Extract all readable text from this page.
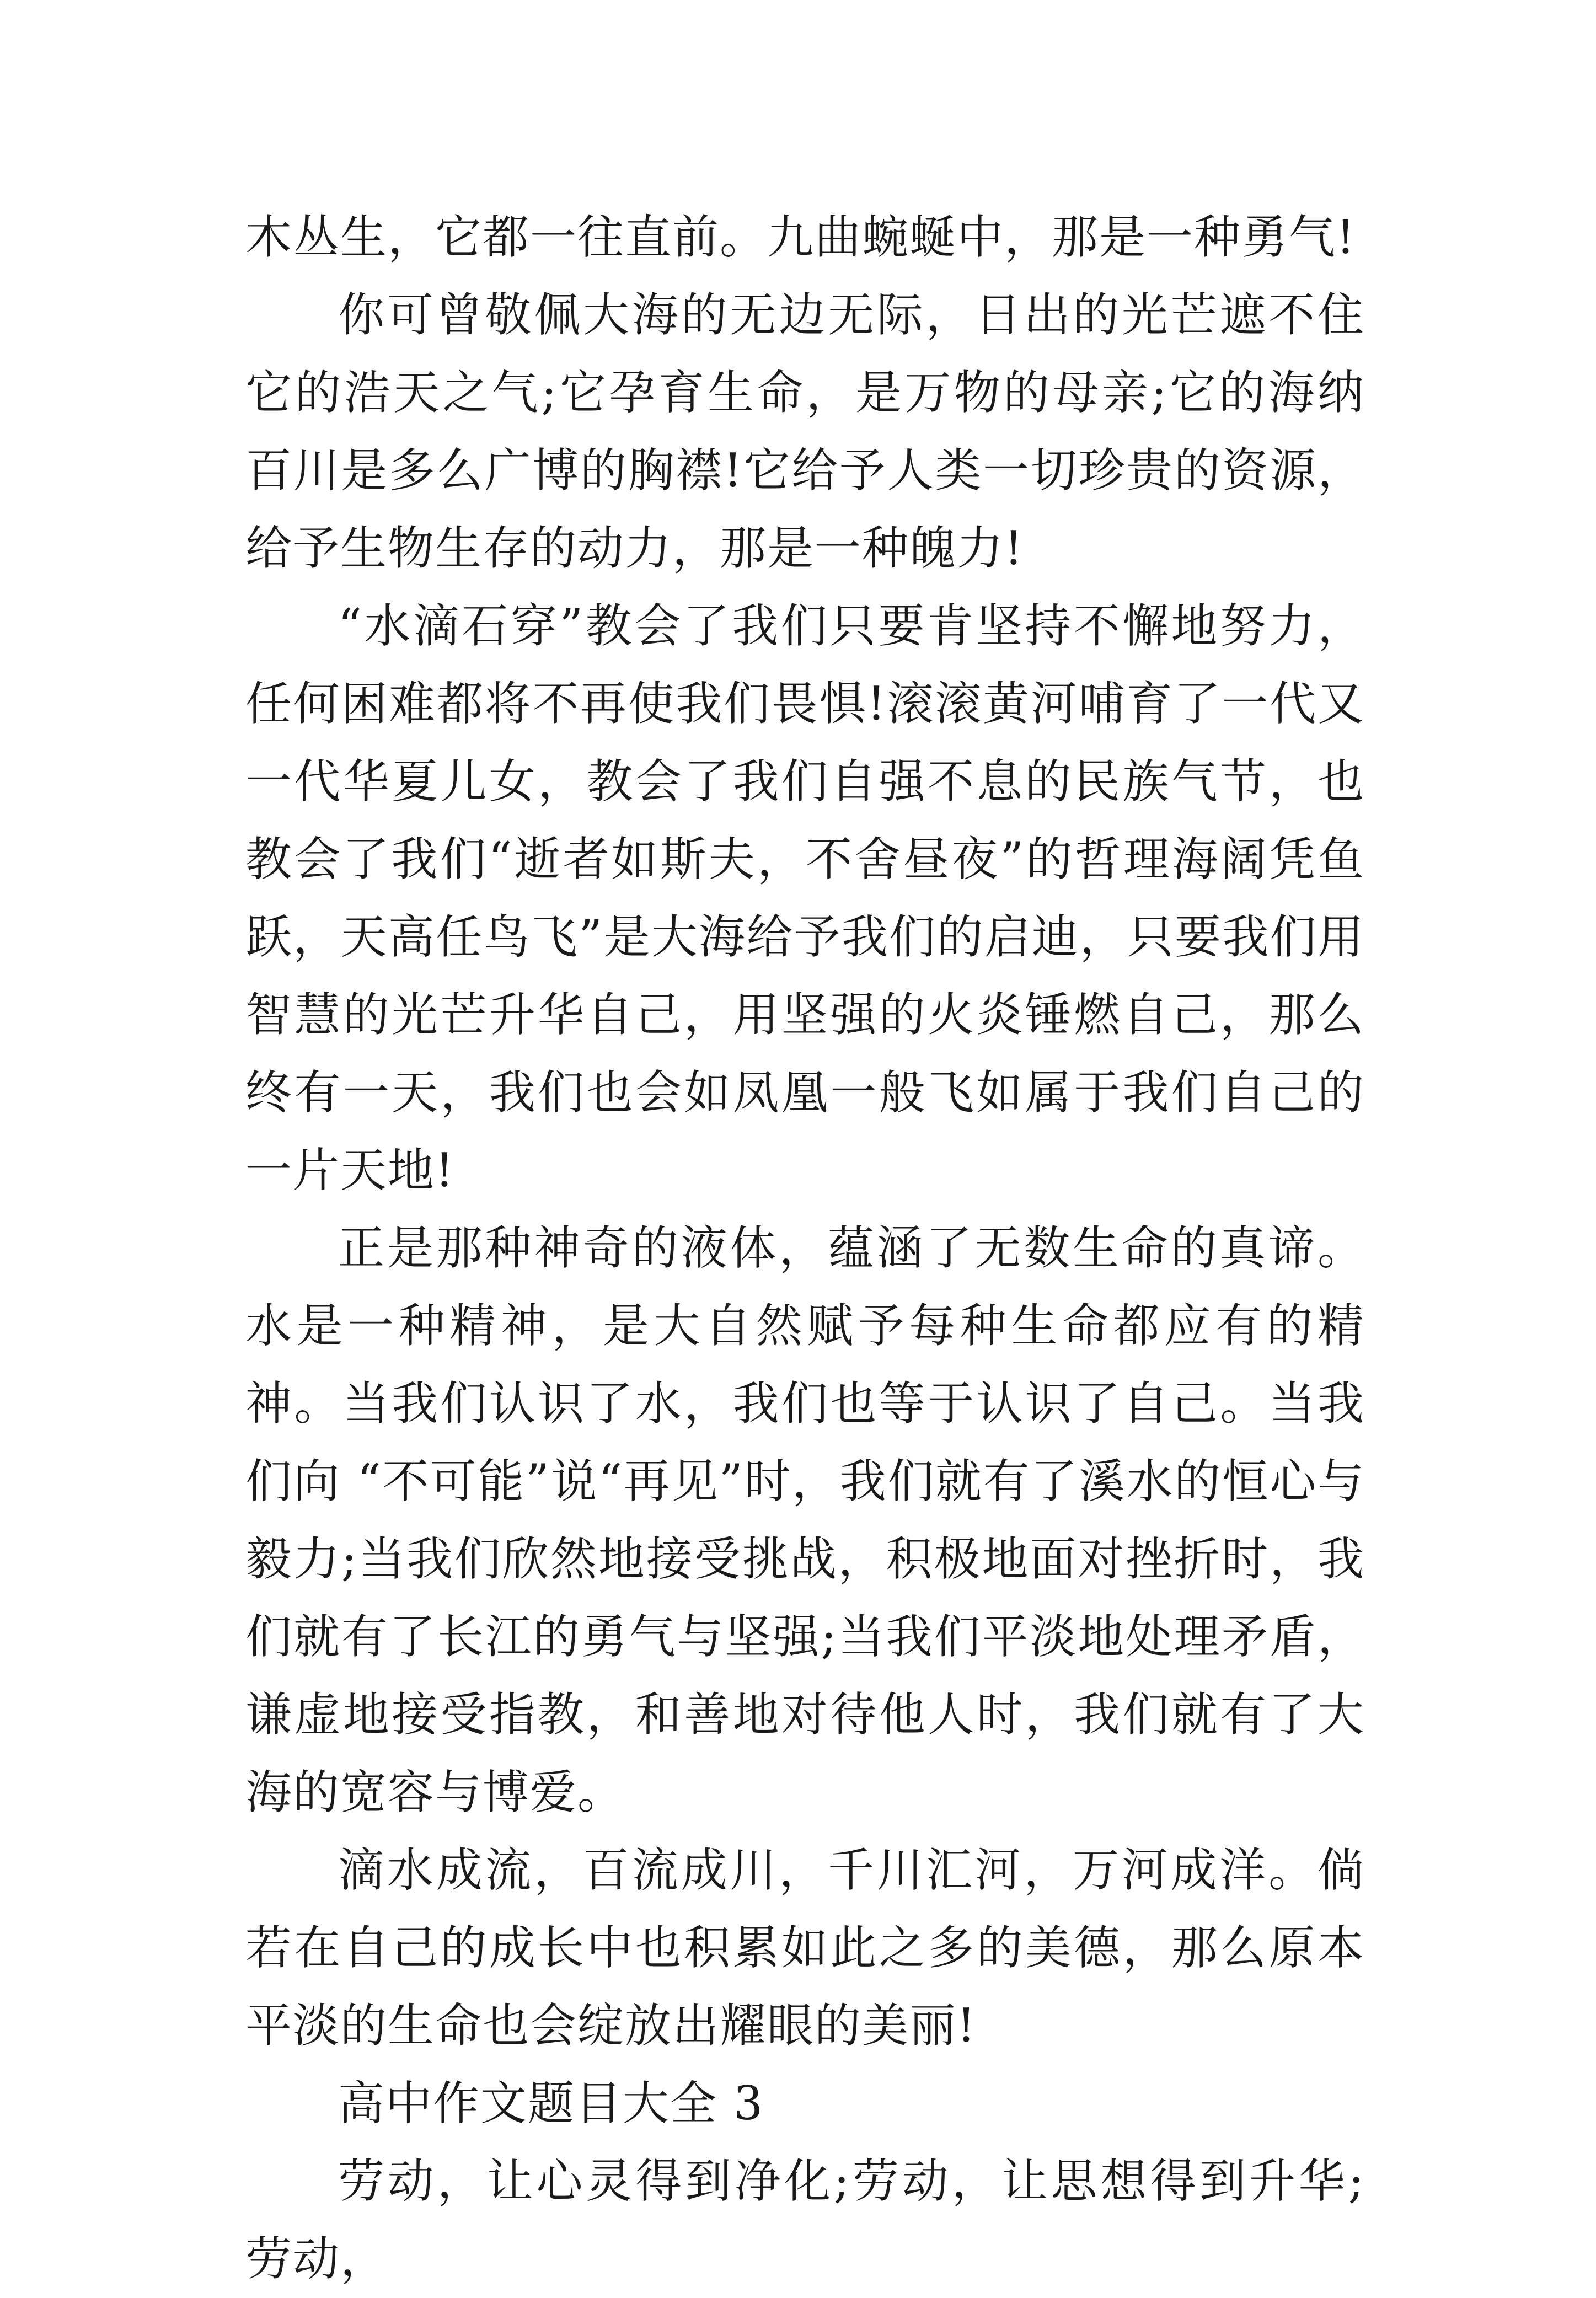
木丛生，它都一往直前。九曲蜿蜒中，那是一种勇气!

你可曾敬佩大海的无边无际，日出的光芒遮不住它的浩天之气;它孕育生命，是万物的母亲;它的海纳百川是多么广博的胸襟!它给予人类一切珍贵的资源，给予生物生存的动力，那是一种魄力!

“水滴石穿”教会了我们只要肯坚持不懈地努力，任何困难都将不再使我们畏惧!滚滚黄河哺育了一代又一代华夏儿女，教会了我们自强不息的民族气节，也教会了我们“逝者如斯夫，不舍昼夜”的哲理海阔凭鱼跃，天高任鸟飞”是大海给予我们的启迪，只要我们用智慧的光芒升华自己，用坚强的火炎锤燃自己，那么终有一天，我们也会如凤凰一般飞如属于我们自己的一片天地!

正是那种神奇的液体，蕴涵了无数生命的真谛。水是一种精神，是大自然赋予每种生命都应有的精神。当我们认识了水，我们也等于认识了自己。当我们向 “不可能”说“再见”时，我们就有了溪水的恒心与毅力;当我们欣然地接受挑战，积极地面对挫折时，我们就有了长江的勇气与坚强;当我们平淡地处理矛盾，谦虚地接受指教，和善地对待他人时，我们就有了大海的宽容与博爱。

滴水成流，百流成川，千川汇河，万河成洋。倘若在自己的成长中也积累如此之多的美德，那么原本平淡的生命也会绽放出耀眼的美丽!

高中作文题目大全 3

劳动，让心灵得到净化;劳动，让思想得到升华;劳动，
